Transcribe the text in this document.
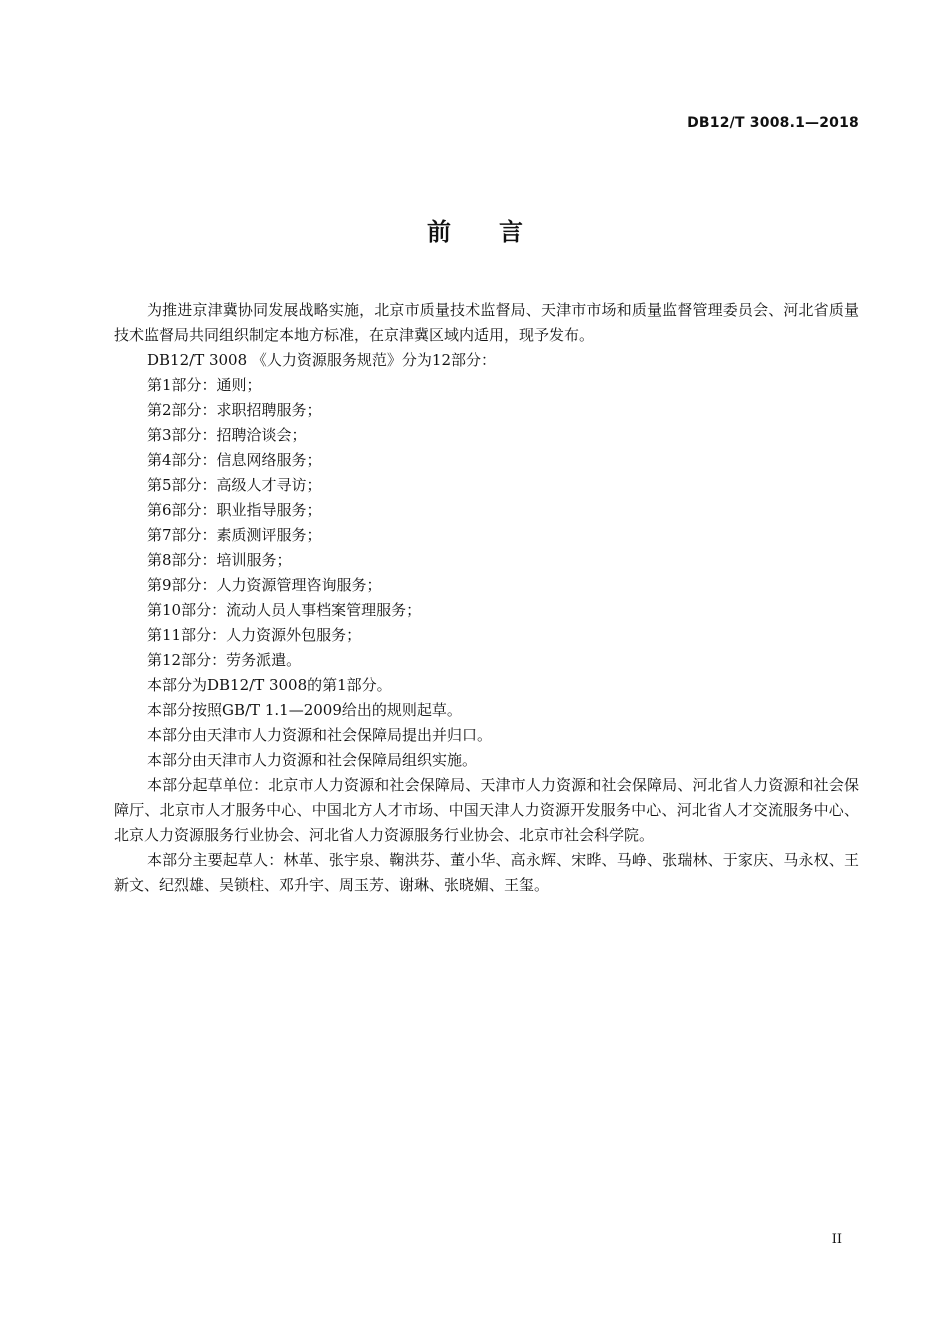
DB12/T 3008.1—2018
前言

为推进京津冀协同发展战略实施，北京市质量技术监督局、天津市市场和质量监督管理委员会、河北省质量技术监督局共同组织制定本地方标准，在京津冀区域内适用，现予发布。

DB12/T 3008 《人力资源服务规范》分为12部分：

第1部分：通则；

第2部分：求职招聘服务；

第3部分：招聘洽谈会；

第4部分：信息网络服务；

第5部分：高级人才寻访；

第6部分：职业指导服务；

第7部分：素质测评服务；

第8部分：培训服务；

第9部分：人力资源管理咨询服务；

第10部分：流动人员人事档案管理服务；

第11部分：人力资源外包服务；

第12部分：劳务派遣。

本部分为DB12/T 3008的第1部分。

本部分按照GB/T 1.1—2009给出的规则起草。

本部分由天津市人力资源和社会保障局提出并归口。

本部分由天津市人力资源和社会保障局组织实施。

本部分起草单位：北京市人力资源和社会保障局、天津市人力资源和社会保障局、河北省人力资源和社会保障厅、北京市人才服务中心、中国北方人才市场、中国天津人力资源开发服务中心、河北省人才交流服务中心、北京人力资源服务行业协会、河北省人力资源服务行业协会、北京市社会科学院。

本部分主要起草人：林革、张宇泉、鞠洪芬、董小华、高永辉、宋晔、马峥、张瑞林、于家庆、马永权、王新文、纪烈雄、吴锁柱、邓升宇、周玉芳、谢琳、张晓媚、王玺。

II
